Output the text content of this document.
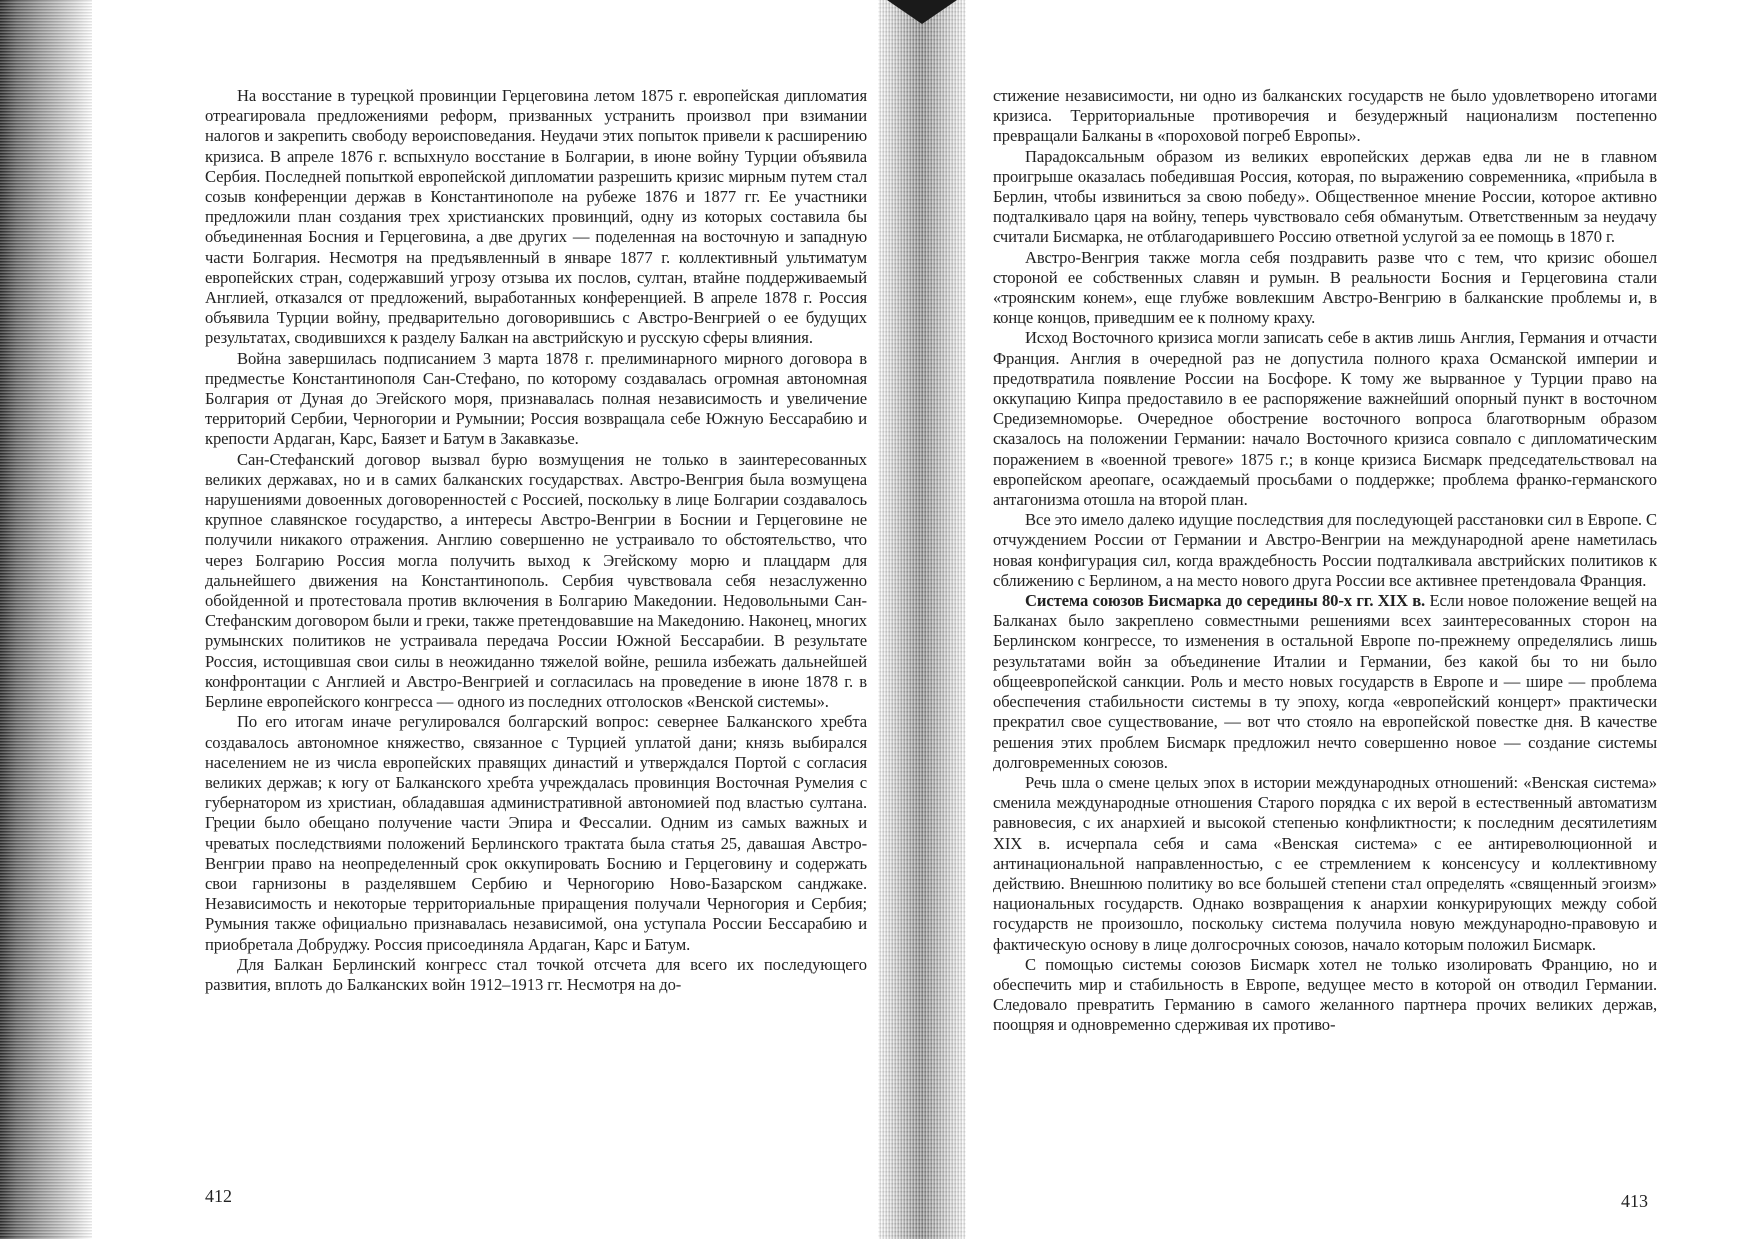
На восстание в турецкой провинции Герцеговина летом 1875 г. европейская дипломатия отреагировала предложениями реформ, призванных устранить произвол при взимании налогов и закрепить свободу вероисповедания. Неудачи этих попыток привели к расширению кризиса. В апреле 1876 г. вспыхнуло восстание в Болгарии, в июне войну Турции объявила Сербия. Последней попыткой европейской дипломатии разрешить кризис мирным путем стал созыв конференции держав в Константинополе на рубеже 1876 и 1877 гг. Ее участники предложили план создания трех христианских провинций, одну из которых составила бы объединенная Босния и Герцеговина, а две других — поделенная на восточную и западную части Болгария. Несмотря на предъявленный в январе 1877 г. коллективный ультиматум европейских стран, содержавший угрозу отзыва их послов, султан, втайне поддерживаемый Англией, отказался от предложений, выработанных конференцией. В апреле 1878 г. Россия объявила Турции войну, предварительно договорившись с Австро-Венгрией о ее будущих результатах, сводившихся к разделу Балкан на австрийскую и русскую сферы влияния.

Война завершилась подписанием 3 марта 1878 г. прелиминарного мирного договора в предместье Константинополя Сан-Стефано, по которому создавалась огромная автономная Болгария от Дуная до Эгейского моря, признавалась полная независимость и увеличение территорий Сербии, Черногории и Румынии; Россия возвращала себе Южную Бессарабию и крепости Ардаган, Карс, Баязет и Батум в Закавказье.

Сан-Стефанский договор вызвал бурю возмущения не только в заинтересованных великих державах, но и в самих балканских государствах. Австро-Венгрия была возмущена нарушениями довоенных договоренностей с Россией, поскольку в лице Болгарии создавалось крупное славянское государство, а интересы Австро-Венгрии в Боснии и Герцеговине не получили никакого отражения. Англию совершенно не устраивало то обстоятельство, что через Болгарию Россия могла получить выход к Эгейскому морю и плацдарм для дальнейшего движения на Константинополь. Сербия чувствовала себя незаслуженно обойденной и протестовала против включения в Болгарию Македонии. Недовольными Сан-Стефанским договором были и греки, также претендовавшие на Македонию. Наконец, многих румынских политиков не устраивала передача России Южной Бессарабии. В результате Россия, истощившая свои силы в неожиданно тяжелой войне, решила избежать дальнейшей конфронтации с Англией и Австро-Венгрией и согласилась на проведение в июне 1878 г. в Берлине европейского конгресса — одного из последних отголосков «Венской системы».

По его итогам иначе регулировался болгарский вопрос: севернее Балканского хребта создавалось автономное княжество, связанное с Турцией уплатой дани; князь выбирался населением не из числа европейских правящих династий и утверждался Портой с согласия великих держав; к югу от Балканского хребта учреждалась провинция Восточная Румелия с губернатором из христиан, обладавшая административной автономией под властью султана. Греции было обещано получение части Эпира и Фессалии. Одним из самых важных и чреватых последствиями положений Берлинского трактата была статья 25, давашая Австро-Венгрии право на неопределенный срок оккупировать Боснию и Герцеговину и содержать свои гарнизоны в разделявшем Сербию и Черногорию Ново-Базарском санджаке. Независимость и некоторые территориальные приращения получали Черногория и Сербия; Румыния также официально признавалась независимой, она уступала России Бессарабию и приобретала Добруджу. Россия присоединяла Ардаган, Карс и Батум.

Для Балкан Берлинский конгресс стал точкой отсчета для всего их последующего развития, вплоть до Балканских войн 1912–1913 гг. Несмотря на до-

412

стижение независимости, ни одно из балканских государств не было удовлетворено итогами кризиса. Территориальные противоречия и безудержный национализм постепенно превращали Балканы в «пороховой погреб Европы».

Парадоксальным образом из великих европейских держав едва ли не в главном проигрыше оказалась победившая Россия, которая, по выражению современника, «прибыла в Берлин, чтобы извиниться за свою победу». Общественное мнение России, которое активно подталкивало царя на войну, теперь чувствовало себя обманутым. Ответственным за неудачу считали Бисмарка, не отблагодарившего Россию ответной услугой за ее помощь в 1870 г.

Австро-Венгрия также могла себя поздравить разве что с тем, что кризис обошел стороной ее собственных славян и румын. В реальности Босния и Герцеговина стали «троянским конем», еще глубже вовлекшим Австро-Венгрию в балканские проблемы и, в конце концов, приведшим ее к полному краху.

Исход Восточного кризиса могли записать себе в актив лишь Англия, Германия и отчасти Франция. Англия в очередной раз не допустила полного краха Османской империи и предотвратила появление России на Босфоре. К тому же вырванное у Турции право на оккупацию Кипра предоставило в ее распоряжение важнейший опорный пункт в восточном Средиземноморье. Очередное обострение восточного вопроса благотворным образом сказалось на положении Германии: начало Восточного кризиса совпало с дипломатическим поражением в «военной тревоге» 1875 г.; в конце кризиса Бисмарк председательствовал на европейском ареопаге, осаждаемый просьбами о поддержке; проблема франко-германского антагонизма отошла на второй план.

Все это имело далеко идущие последствия для последующей расстановки сил в Европе. С отчуждением России от Германии и Австро-Венгрии на международной арене наметилась новая конфигурация сил, когда враждебность России подталкивала австрийских политиков к сближению с Берлином, а на место нового друга России все активнее претендовала Франция.

Система союзов Бисмарка до середины 80-х гг. XIX в. Если новое положение вещей на Балканах было закреплено совместными решениями всех заинтересованных сторон на Берлинском конгрессе, то изменения в остальной Европе по-прежнему определялись лишь результатами войн за объединение Италии и Германии, без какой бы то ни было общеевропейской санкции. Роль и место новых государств в Европе и — шире — проблема обеспечения стабильности системы в ту эпоху, когда «европейский концерт» практически прекратил свое существование, — вот что стояло на европейской повестке дня. В качестве решения этих проблем Бисмарк предложил нечто совершенно новое — создание системы долговременных союзов.

Речь шла о смене целых эпох в истории международных отношений: «Венская система» сменила международные отношения Старого порядка с их верой в естественный автоматизм равновесия, с их анархией и высокой степенью конфликтности; к последним десятилетиям XIX в. исчерпала себя и сама «Венская система» с ее антиреволюционной и антинациональной направленностью, с ее стремлением к консенсусу и коллективному действию. Внешнюю политику во все большей степени стал определять «священный эгоизм» национальных государств. Однако возвращения к анархии конкурирующих между собой государств не произошло, поскольку система получила новую международно-правовую и фактическую основу в лице долгосрочных союзов, начало которым положил Бисмарк.

С помощью системы союзов Бисмарк хотел не только изолировать Францию, но и обеспечить мир и стабильность в Европе, ведущее место в которой он отводил Германии. Следовало превратить Германию в самого желанного партнера прочих великих держав, поощряя и одновременно сдерживая их противо-

413
